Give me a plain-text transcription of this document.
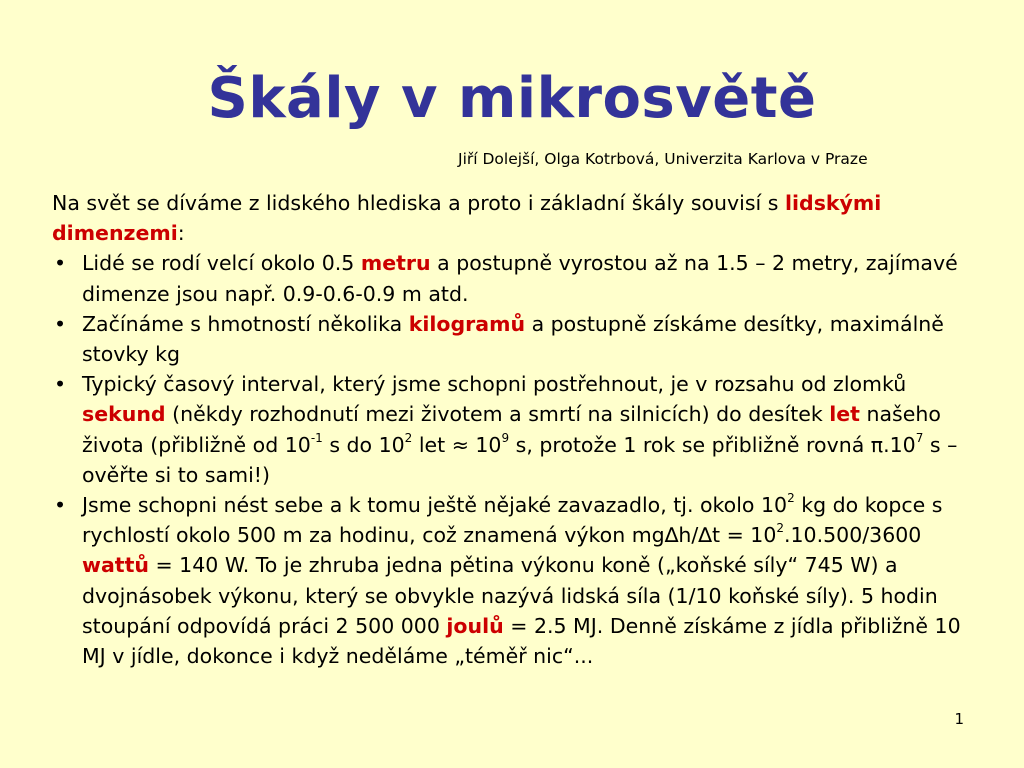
Škály v mikrosvětě
Jiří Dolejší, Olga Kotrbová, Univerzita Karlova v Praze

Na svět se díváme z lidského hlediska a proto i základní škály souvisí s lidskými dimenzemi:

• Lidé se rodí velcí okolo 0.5 metru a postupně vyrostou až na 1.5 – 2 metry, zajímavé dimenze jsou např. 0.9-0.6-0.9 m atd.
• Začínáme s hmotností několika kilogramů a postupně získáme desítky, maximálně stovky kg
• Typický časový interval, který jsme schopni postřehnout, je v rozsahu od zlomků sekund (někdy rozhodnutí mezi životem a smrtí na silnicích) do desítek let našeho života (přibližně od $10^{-1}$ s do $10^2$ let ≈ $10^9$ s, protože 1 rok se přibližně rovná $\pi.10^7$ s – ověřte si to sami!)
• Jsme schopni nést sebe a k tomu ještě nějaké zavazadlo, tj. okolo $10^2$ kg do kopce s rychlostí okolo 500 m za hodinu, což znamená výkon $mg\Delta h/\Delta t = 10^2.10.500/3600$ wattů = 140 W. To je zhruba jedna pětina výkonu koně („koňské síly“ 745 W) a dvojnásobek výkonu, který se obvykle nazývá lidská síla (1/10 koňské síly). 5 hodin stoupání odpovídá práci 2 500 000 joulů = 2.5 MJ. Denně získáme z jídla přibližně 10 MJ v jídle, dokonce i když neděláme „téměř nic“...
1
